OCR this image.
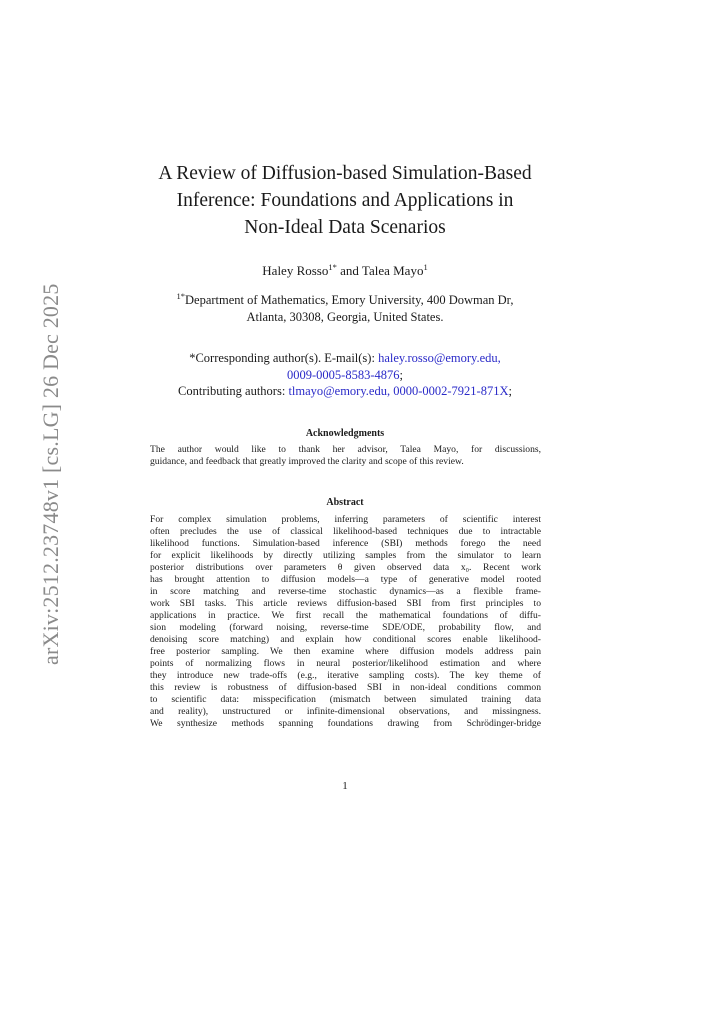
arXiv:2512.23748v1 [cs.LG] 26 Dec 2025
A Review of Diffusion-based Simulation-Based
Inference: Foundations and Applications in
Non-Ideal Data Scenarios
Haley Rosso$^{1*}$ and Talea Mayo$^1$
$^{1*}$Department of Mathematics, Emory University, 400 Dowman Dr,
Atlanta, 30308, Georgia, United States.
*Corresponding author(s). E-mail(s): haley.rosso@emory.edu,
0009-0005-8583-4876;
Contributing authors: tlmayo@emory.edu, 0000-0002-7921-871X;
Acknowledgments
The author would like to thank her advisor, Talea Mayo, for discussions,
guidance, and feedback that greatly improved the clarity and scope of this review.
Abstract
For complex simulation problems, inferring parameters of scientific interest
often precludes the use of classical likelihood-based techniques due to intractable
likelihood functions. Simulation-based inference (SBI) methods forego the need
for explicit likelihoods by directly utilizing samples from the simulator to learn
posterior distributions over parameters θ given observed data x₀. Recent work
has brought attention to diffusion models—a type of generative model rooted
in score matching and reverse-time stochastic dynamics—as a flexible frame-
work SBI tasks. This article reviews diffusion-based SBI from first principles to
applications in practice. We first recall the mathematical foundations of diffu-
sion modeling (forward noising, reverse-time SDE/ODE, probability flow, and
denoising score matching) and explain how conditional scores enable likelihood-
free posterior sampling. We then examine where diffusion models address pain
points of normalizing flows in neural posterior/likelihood estimation and where
they introduce new trade-offs (e.g., iterative sampling costs). The key theme of
this review is robustness of diffusion-based SBI in non-ideal conditions common
to scientific data: misspecification (mismatch between simulated training data
and reality), unstructured or infinite-dimensional observations, and missingness.
We synthesize methods spanning foundations drawing from Schrödinger-bridge
1
